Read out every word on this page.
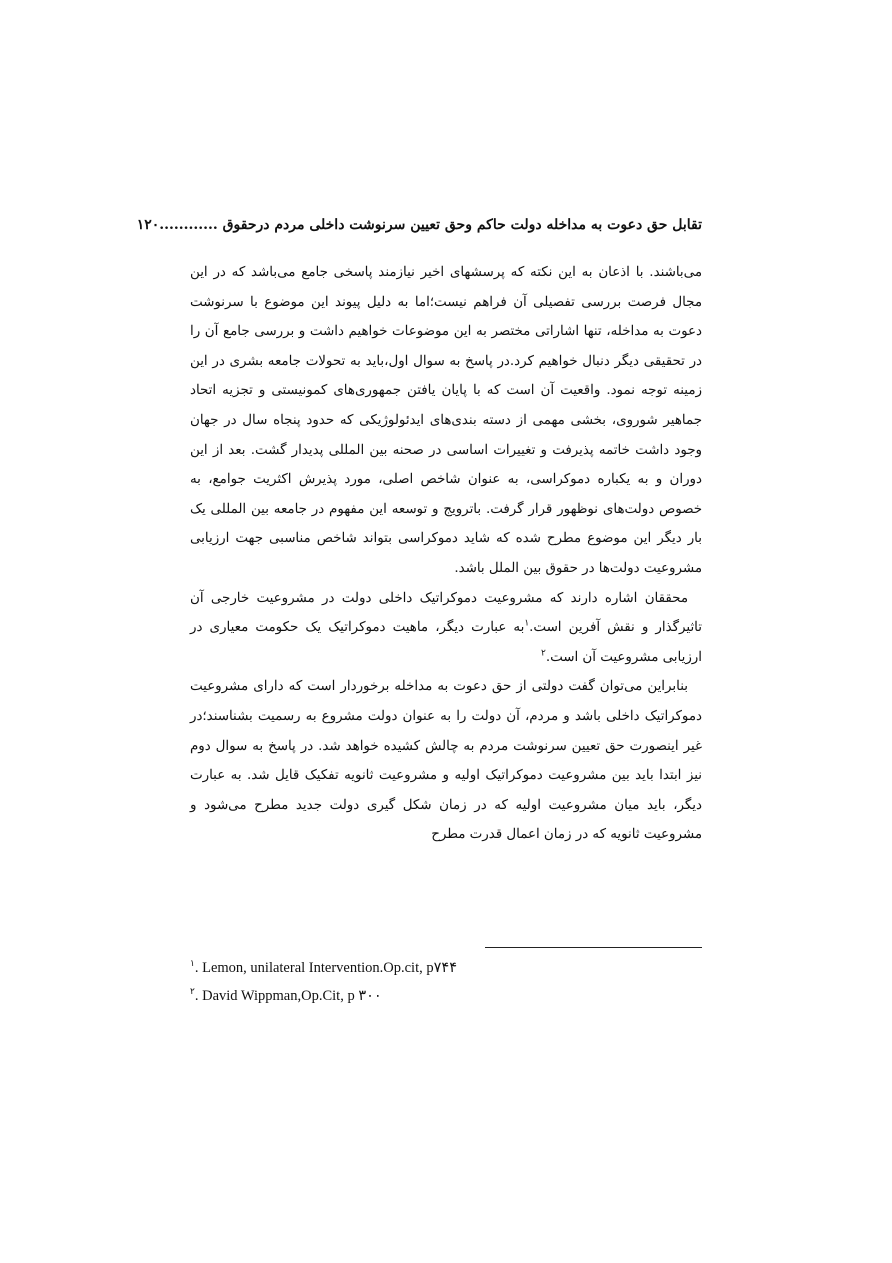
تقابل حق دعوت به مداخله دولت حاکم وحق تعیین سرنوشت داخلی مردم درحقوق ............۱۲۰

می‌باشند. با اذعان به این نکته که پرسشهای اخیر نیازمند پاسخی جامع می‌باشد که در این مجال فرصت بررسی تفصیلی آن فراهم نیست؛اما به دلیل پیوند این موضوع با سرنوشت دعوت به مداخله، تنها اشاراتی مختصر به این موضوعات خواهیم داشت و بررسی جامع آن را در تحقیقی دیگر دنبال خواهیم کرد.در پاسخ به سوال اول،باید به تحولات جامعه بشری در این زمینه توجه نمود. واقعیت آن است که با پایان یافتن جمهوری‌های کمونیستی و تجزیه اتحاد جماهیر شوروی، بخشی مهمی از دسته بندی‌های ایدئولوژیکی که حدود پنجاه سال در جهان وجود داشت خاتمه پذیرفت و تغییرات اساسی در صحنه بین المللی پدیدار گشت. بعد از این دوران و به یکباره دموکراسی، به عنوان شاخص اصلی، مورد پذیرش اکثریت جوامع، به خصوص دولت‌های نوظهور قرار گرفت. باترویج و توسعه این مفهوم در جامعه بین المللی یک بار دیگر این موضوع مطرح شده که شاید دموکراسی بتواند شاخص مناسبی جهت ارزیابی مشروعیت دولت‌ها در حقوق بین الملل باشد.

محققان اشاره دارند که مشروعیت دموکراتیک داخلی دولت در مشروعیت خارجی آن تاثیرگذار و نقش آفرین است.$^۱$به عبارت دیگر، ماهیت دموکراتیک یک حکومت معیاری در ارزیابی مشروعیت آن است.$^۲$

بنابراین می‌توان گفت دولتی از حق دعوت به مداخله برخوردار است که دارای مشروعیت دموکراتیک داخلی باشد و مردم، آن دولت را به عنوان دولت مشروع به رسمیت بشناسند؛در غیر اینصورت حق تعیین سرنوشت مردم به چالش کشیده خواهد شد. در پاسخ به سوال دوم نیز ابتدا باید بین مشروعیت دموکراتیک اولیه و مشروعیت ثانویه تفکیک قایل شد. به عبارت دیگر، باید میان مشروعیت اولیه که در زمان شکل گیری دولت جدید مطرح می‌شود و مشروعیت ثانویه که در زمان اعمال قدرت مطرح

$^۱$. Lemon, unilateral Intervention.Op.cit, p۷۴۴
$^۲$. David Wippman,Op.Cit, p ۳۰۰
